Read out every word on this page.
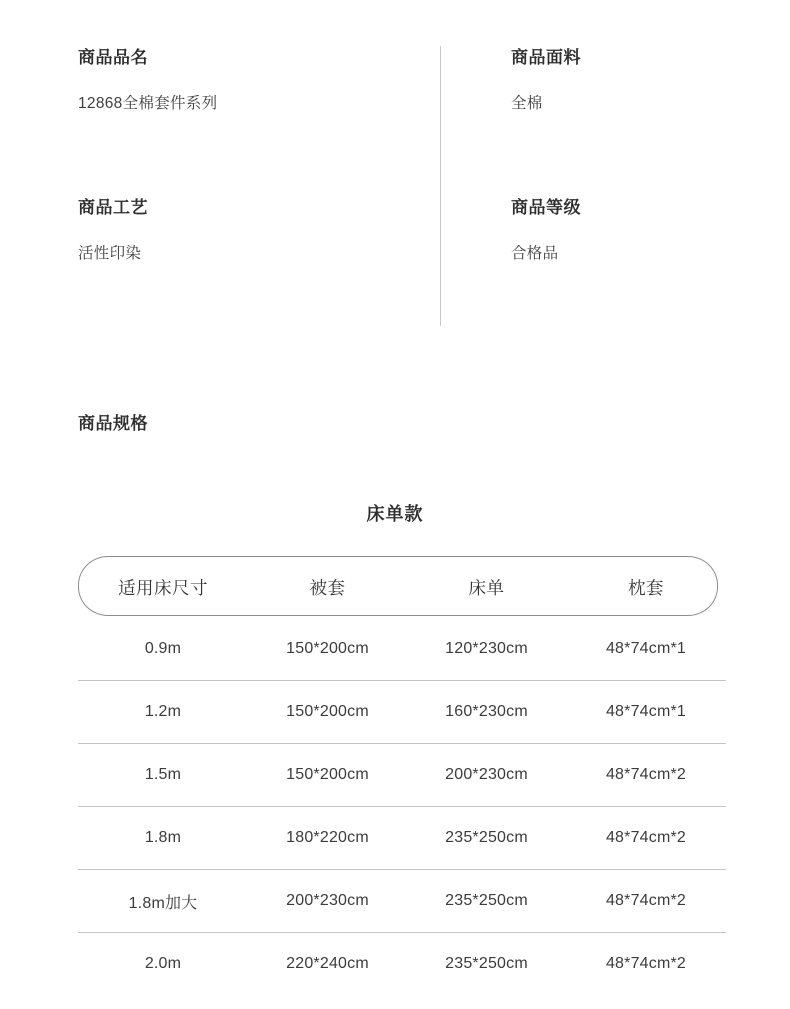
商品品名
12868全棉套件系列
商品工艺
活性印染
商品面料
全棉
商品等级
合格品
商品规格
床单款
适用床尺寸	被套	床单	枕套
0.9m	150*200cm	120*230cm	48*74cm*1
1.2m	150*200cm	160*230cm	48*74cm*1
1.5m	150*200cm	200*230cm	48*74cm*2
1.8m	180*220cm	235*250cm	48*74cm*2
1.8m加大	200*230cm	235*250cm	48*74cm*2
2.0m	220*240cm	235*250cm	48*74cm*2
